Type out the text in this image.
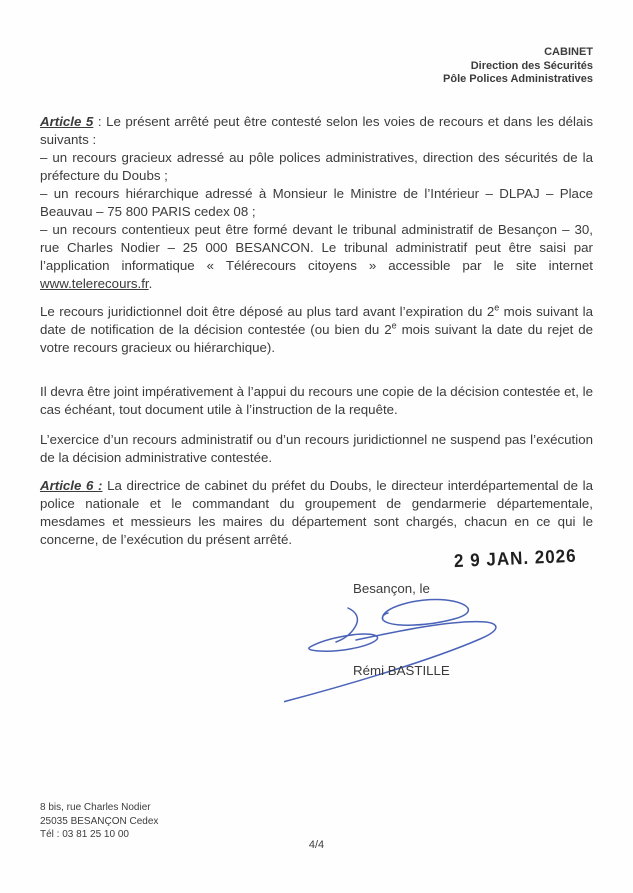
CABINET
Direction des Sécurités
Pôle Polices Administratives

Article 5 : Le présent arrêté peut être contesté selon les voies de recours et dans les délais suivants :

– un recours gracieux adressé au pôle polices administratives, direction des sécurités de la préfecture du Doubs ;

– un recours hiérarchique adressé à Monsieur le Ministre de l’Intérieur – DLPAJ – Place Beauvau – 75 800 PARIS cedex 08 ;

– un recours contentieux peut être formé devant le tribunal administratif de Besançon – 30, rue Charles Nodier – 25 000 BESANCON. Le tribunal administratif peut être saisi par l’application informatique « Télérecours citoyens » accessible par le site internet www.telerecours.fr.

Le recours juridictionnel doit être déposé au plus tard avant l’expiration du 2e mois suivant la date de notification de la décision contestée (ou bien du 2e mois suivant la date du rejet de votre recours gracieux ou hiérarchique).

Il devra être joint impérativement à l’appui du recours une copie de la décision contestée et, le cas échéant, tout document utile à l’instruction de la requête.

L’exercice d’un recours administratif ou d’un recours juridictionnel ne suspend pas l’exécution de la décision administrative contestée.

Article 6 : La directrice de cabinet du préfet du Doubs, le directeur interdépartemental de la police nationale et le commandant du groupement de gendarmerie départementale, mesdames et messieurs les maires du département sont chargés, chacun en ce qui le concerne, de l’exécution du présent arrêté.

2 9 JAN. 2026
Besançon, le
Rémi BASTILLE
8 bis, rue Charles Nodier
25035 BESANÇON Cedex
Tél : 03 81 25 10 00
4/4
